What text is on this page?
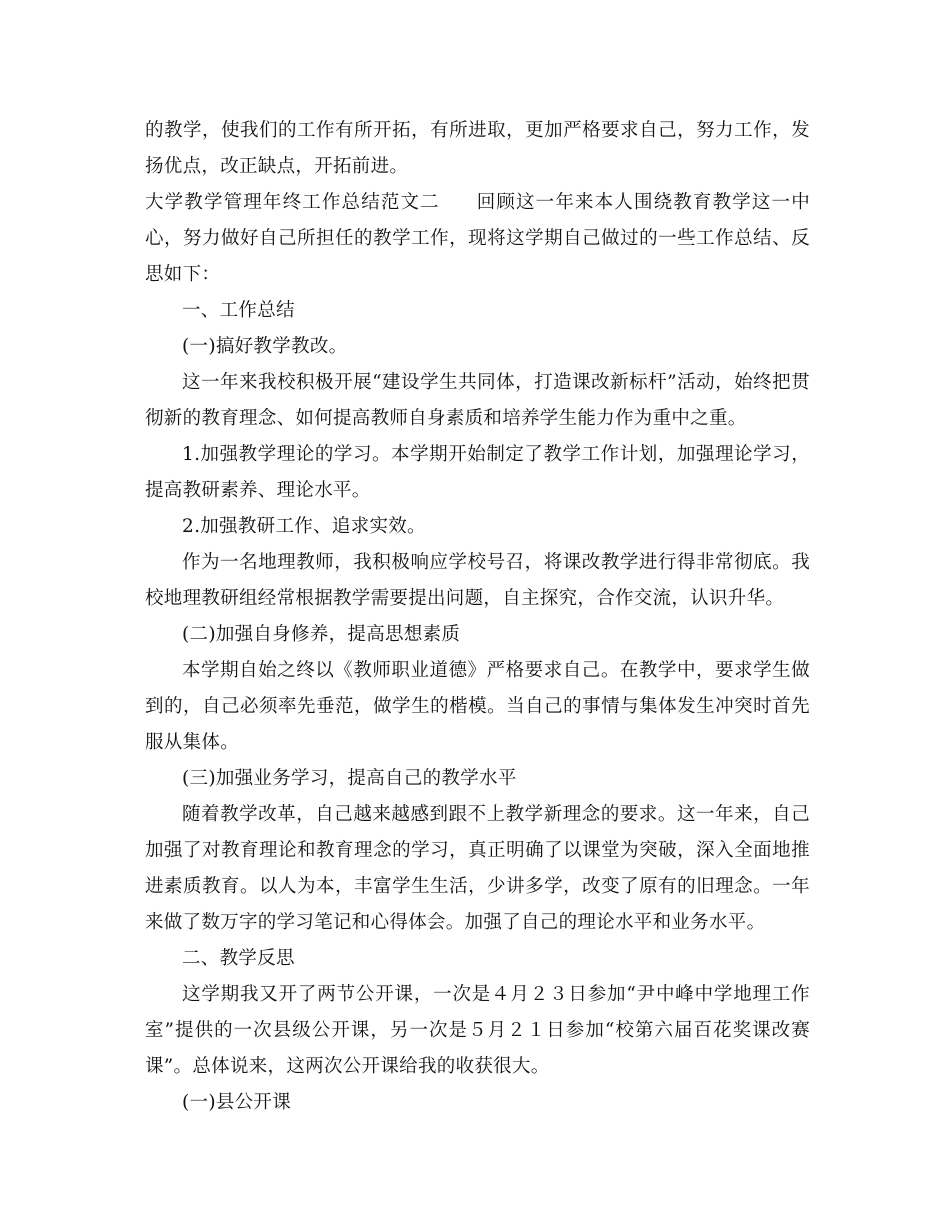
的教学，使我们的工作有所开拓，有所进取，更加严格要求自己，努力工作，发扬优点，改正缺点，开拓前进。

大学教学管理年终工作总结范文二 回顾这一年来本人围绕教育教学这一中心，努力做好自己所担任的教学工作，现将这学期自己做过的一些工作总结、反思如下：

一、工作总结

(一)搞好教学教改。

这一年来我校积极开展“建设学生共同体，打造课改新标杆”活动，始终把贯彻新的教育理念、如何提高教师自身素质和培养学生能力作为重中之重。

1.加强教学理论的学习。本学期开始制定了教学工作计划，加强理论学习，提高教研素养、理论水平。

2.加强教研工作、追求实效。

作为一名地理教师，我积极响应学校号召，将课改教学进行得非常彻底。我校地理教研组经常根据教学需要提出问题，自主探究，合作交流，认识升华。

(二)加强自身修养，提高思想素质

本学期自始之终以《教师职业道德》严格要求自己。在教学中，要求学生做到的，自己必须率先垂范，做学生的楷模。当自己的事情与集体发生冲突时首先服从集体。

(三)加强业务学习，提高自己的教学水平

随着教学改革，自己越来越感到跟不上教学新理念的要求。这一年来，自己加强了对教育理论和教育理念的学习，真正明确了以课堂为突破，深入全面地推进素质教育。以人为本，丰富学生生活，少讲多学，改变了原有的旧理念。一年来做了数万字的学习笔记和心得体会。加强了自己的理论水平和业务水平。

二、教学反思

这学期我又开了两节公开课，一次是４月２３日参加“尹中峰中学地理工作室”提供的一次县级公开课，另一次是５月２１日参加“校第六届百花奖课改赛课”。总体说来，这两次公开课给我的收获很大。

(一)县公开课
